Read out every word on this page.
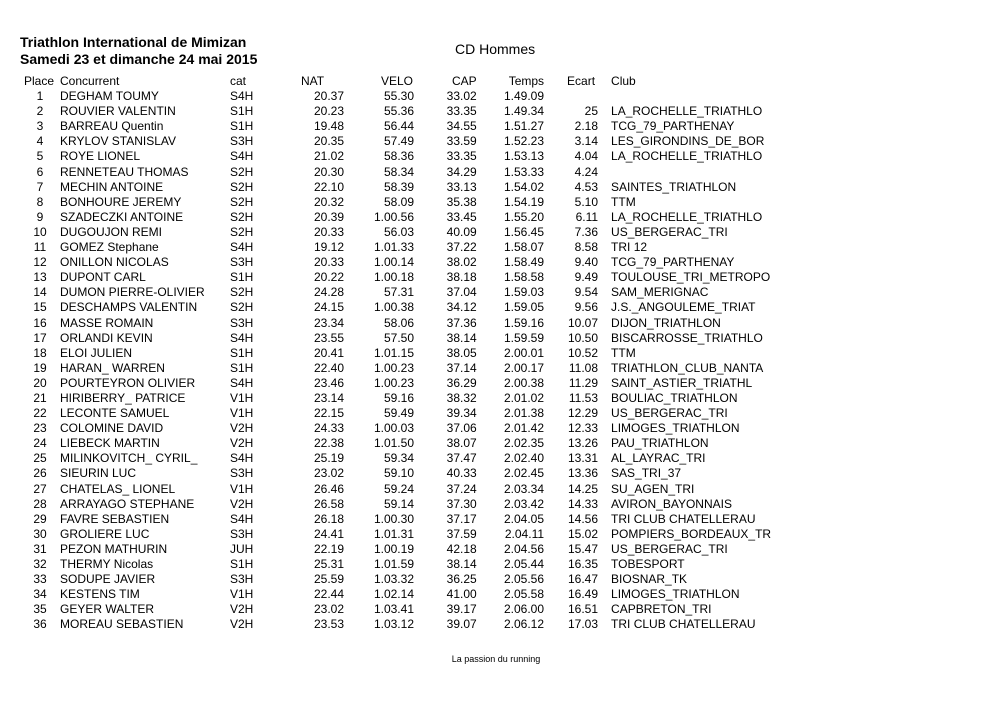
Triathlon International de Mimizan
Samedi 23 et dimanche 24 mai 2015
CD Hommes
Place	Concurrent	cat	NAT	VELO	CAP	Temps	Ecart	Club
1	DEGHAM TOUMY	S4H	20.37	55.30	33.02	1.49.09		
2	ROUVIER VALENTIN	S1H	20.23	55.36	33.35	1.49.34	25	LA_ROCHELLE_TRIATHLO
3	BARREAU Quentin	S1H	19.48	56.44	34.55	1.51.27	2.18	TCG_79_PARTHENAY
4	KRYLOV STANISLAV	S3H	20.35	57.49	33.59	1.52.23	3.14	LES_GIRONDINS_DE_BOR
5	ROYE LIONEL	S4H	21.02	58.36	33.35	1.53.13	4.04	LA_ROCHELLE_TRIATHLO
6	RENNETEAU THOMAS	S2H	20.30	58.34	34.29	1.53.33	4.24	
7	MECHIN ANTOINE	S2H	22.10	58.39	33.13	1.54.02	4.53	SAINTES_TRIATHLON
8	BONHOURE JEREMY	S2H	20.32	58.09	35.38	1.54.19	5.10	TTM
9	SZADECZKI ANTOINE	S2H	20.39	1.00.56	33.45	1.55.20	6.11	LA_ROCHELLE_TRIATHLO
10	DUGOUJON REMI	S2H	20.33	56.03	40.09	1.56.45	7.36	US_BERGERAC_TRI
11	GOMEZ Stephane	S4H	19.12	1.01.33	37.22	1.58.07	8.58	TRI 12
12	ONILLON NICOLAS	S3H	20.33	1.00.14	38.02	1.58.49	9.40	TCG_79_PARTHENAY
13	DUPONT CARL	S1H	20.22	1.00.18	38.18	1.58.58	9.49	TOULOUSE_TRI_METROPO
14	DUMON PIERRE-OLIVIER	S2H	24.28	57.31	37.04	1.59.03	9.54	SAM_MERIGNAC
15	DESCHAMPS VALENTIN	S2H	24.15	1.00.38	34.12	1.59.05	9.56	J.S._ANGOULEME_TRIAT
16	MASSE ROMAIN	S3H	23.34	58.06	37.36	1.59.16	10.07	DIJON_TRIATHLON
17	ORLANDI KEVIN	S4H	23.55	57.50	38.14	1.59.59	10.50	BISCARROSSE_TRIATHLO
18	ELOI JULIEN	S1H	20.41	1.01.15	38.05	2.00.01	10.52	TTM
19	HARAN_ WARREN	S1H	22.40	1.00.23	37.14	2.00.17	11.08	TRIATHLON_CLUB_NANTA
20	POURTEYRON OLIVIER	S4H	23.46	1.00.23	36.29	2.00.38	11.29	SAINT_ASTIER_TRIATHL
21	HIRIBERRY_ PATRICE	V1H	23.14	59.16	38.32	2.01.02	11.53	BOULIAC_TRIATHLON
22	LECONTE SAMUEL	V1H	22.15	59.49	39.34	2.01.38	12.29	US_BERGERAC_TRI
23	COLOMINE DAVID	V2H	24.33	1.00.03	37.06	2.01.42	12.33	LIMOGES_TRIATHLON
24	LIEBECK MARTIN	V2H	22.38	1.01.50	38.07	2.02.35	13.26	PAU_TRIATHLON
25	MILINKOVITCH_ CYRIL_	S4H	25.19	59.34	37.47	2.02.40	13.31	AL_LAYRAC_TRI
26	SIEURIN LUC	S3H	23.02	59.10	40.33	2.02.45	13.36	SAS_TRI_37
27	CHATELAS_ LIONEL	V1H	26.46	59.24	37.24	2.03.34	14.25	SU_AGEN_TRI
28	ARRAYAGO STEPHANE	V2H	26.58	59.14	37.30	2.03.42	14.33	AVIRON_BAYONNAIS
29	FAVRE SEBASTIEN	S4H	26.18	1.00.30	37.17	2.04.05	14.56	TRI CLUB CHATELLERAU
30	GROLIERE LUC	S3H	24.41	1.01.31	37.59	2.04.11	15.02	POMPIERS_BORDEAUX_TR
31	PEZON MATHURIN	JUH	22.19	1.00.19	42.18	2.04.56	15.47	US_BERGERAC_TRI
32	THERMY Nicolas	S1H	25.31	1.01.59	38.14	2.05.44	16.35	TOBESPORT
33	SODUPE JAVIER	S3H	25.59	1.03.32	36.25	2.05.56	16.47	BIOSNAR_TK
34	KESTENS TIM	V1H	22.44	1.02.14	41.00	2.05.58	16.49	LIMOGES_TRIATHLON
35	GEYER WALTER	V2H	23.02	1.03.41	39.17	2.06.00	16.51	CAPBRETON_TRI
36	MOREAU SEBASTIEN	V2H	23.53	1.03.12	39.07	2.06.12	17.03	TRI CLUB CHATELLERAU
La passion du running
